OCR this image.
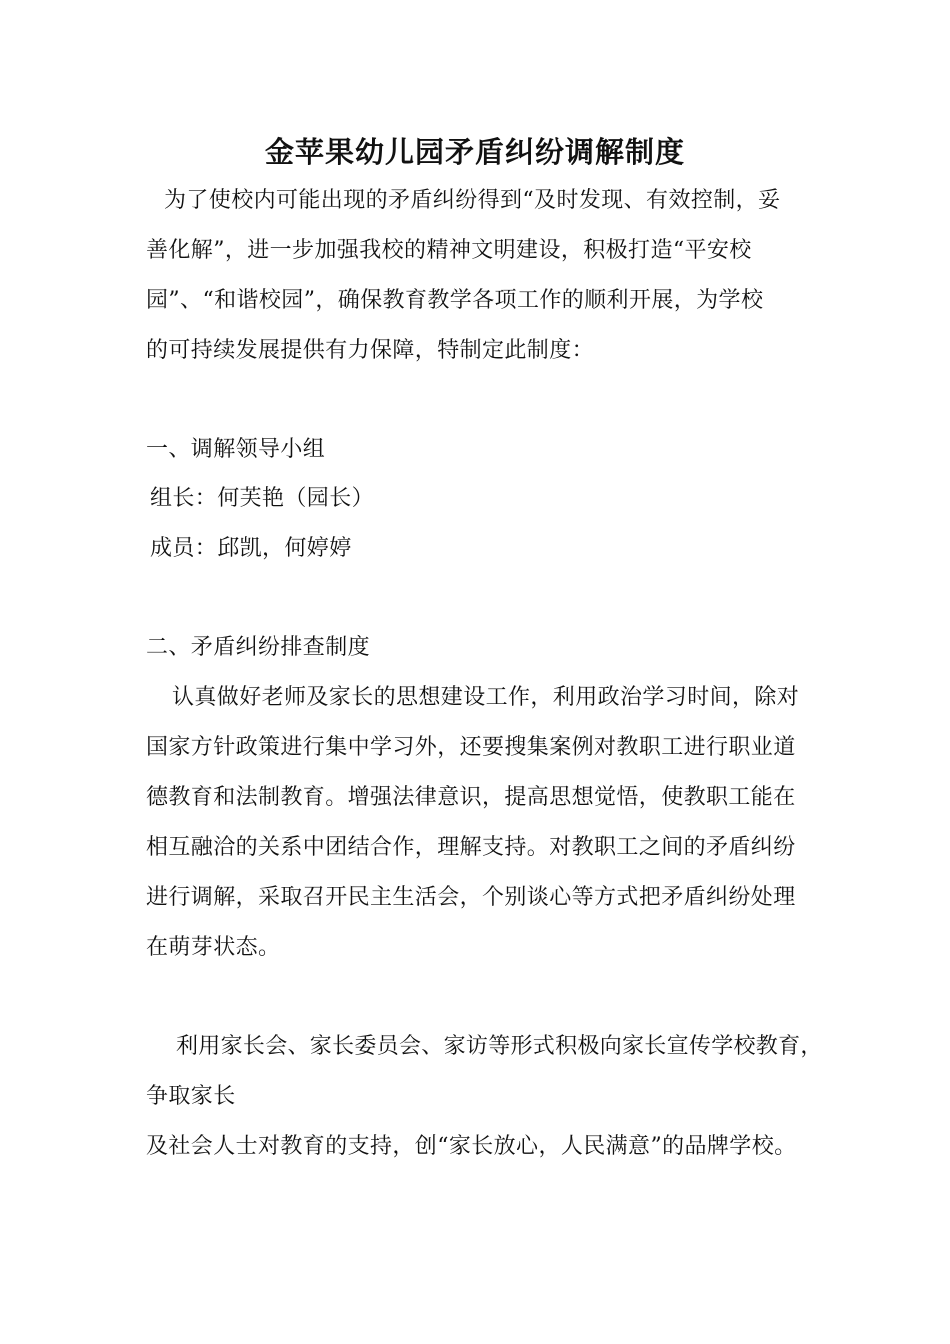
金苹果幼儿园矛盾纠纷调解制度
为了使校内可能出现的矛盾纠纷得到“及时发现、有效控制，妥
善化解”，进一步加强我校的精神文明建设，积极打造“平安校
园”、“和谐校园”，确保教育教学各项工作的顺利开展，为学校
的可持续发展提供有力保障，特制定此制度：
一、调解领导小组
组长：何芙艳（园长）
成员：邱凯，何婷婷
二、矛盾纠纷排查制度
认真做好老师及家长的思想建设工作，利用政治学习时间，除对
国家方针政策进行集中学习外，还要搜集案例对教职工进行职业道
德教育和法制教育。增强法律意识，提高思想觉悟，使教职工能在
相互融洽的关系中团结合作，理解支持。对教职工之间的矛盾纠纷
进行调解，采取召开民主生活会，个别谈心等方式把矛盾纠纷处理
在萌芽状态。
利用家长会、家长委员会、家访等形式积极向家长宣传学校教育，
争取家长
及社会人士对教育的支持，创“家长放心，人民满意”的品牌学校。
